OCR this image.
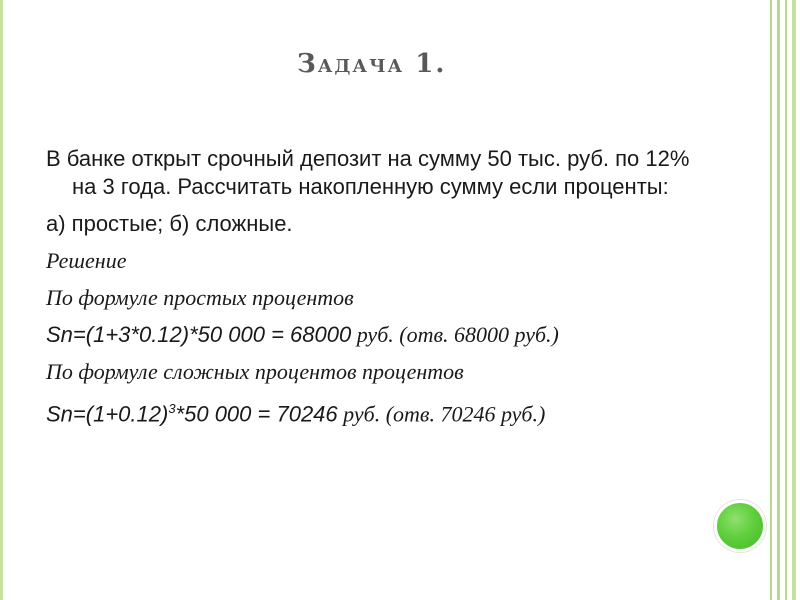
Задача 1.

В банке открыт срочный депозит на сумму 50 тыс. руб. по 12% на 3 года. Рассчитать накопленную сумму если проценты:

а) простые; б) сложные.

Решение

По формуле простых процентов

Sn=(1+3*0.12)*50 000 = 68000 руб. (отв. 68000 руб.)

По формуле сложных процентов процентов

$Sn=(1+0.12)^3*50$ 000 = 70246 руб. (отв. 70246 руб.)
